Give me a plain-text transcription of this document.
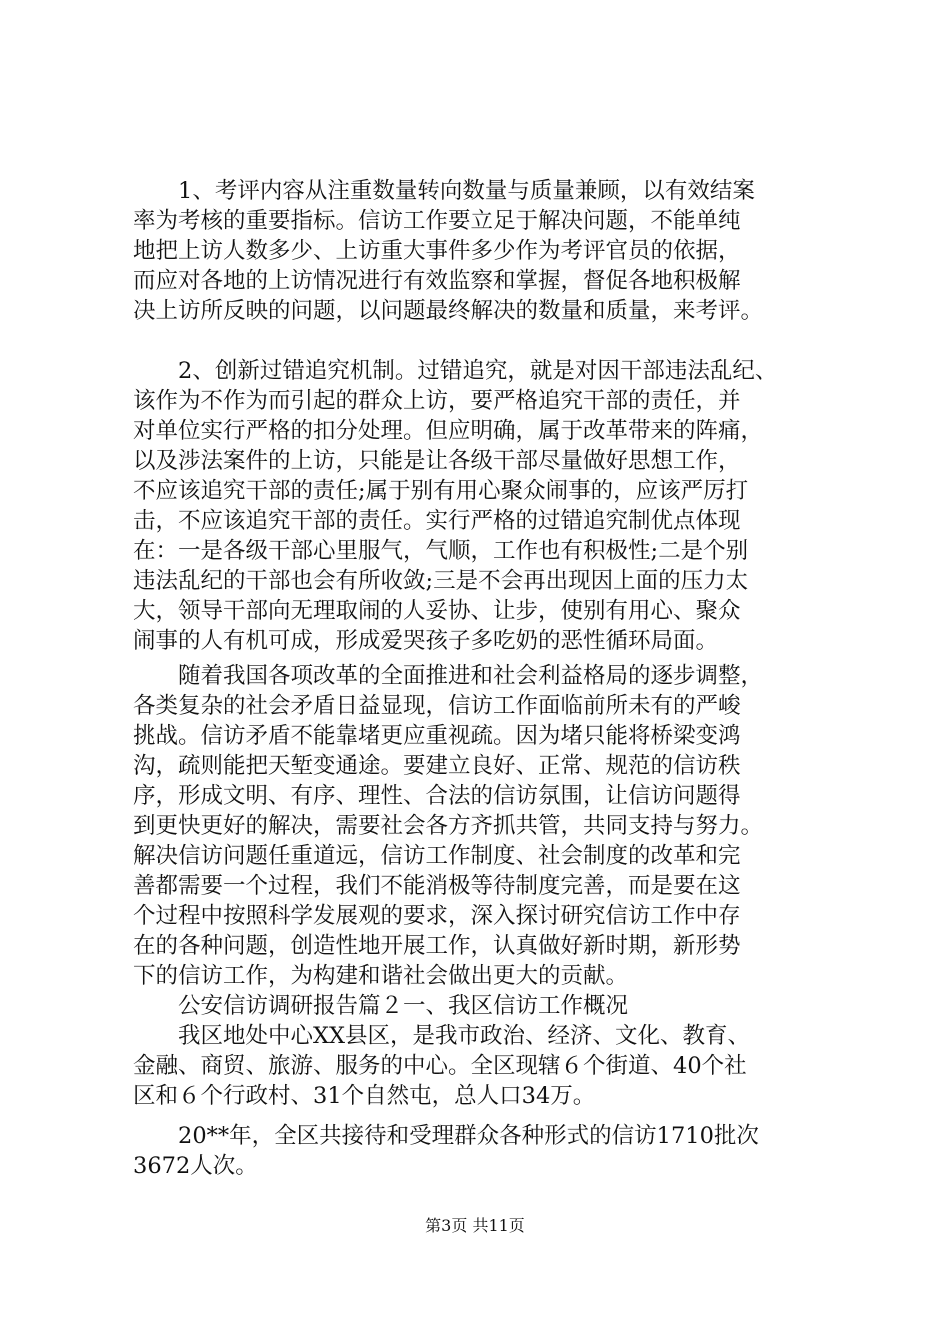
1、考评内容从注重数量转向数量与质量兼顾，以有效结案
率为考核的重要指标。信访工作要立足于解决问题，不能单纯
地把上访人数多少、上访重大事件多少作为考评官员的依据，
而应对各地的上访情况进行有效监察和掌握，督促各地积极解
决上访所反映的问题，以问题最终解决的数量和质量，来考评。
2、创新过错追究机制。过错追究，就是对因干部违法乱纪、
该作为不作为而引起的群众上访，要严格追究干部的责任，并
对单位实行严格的扣分处理。但应明确，属于改革带来的阵痛，
以及涉法案件的上访，只能是让各级干部尽量做好思想工作，
不应该追究干部的责任;属于别有用心聚众闹事的，应该严厉打
击，不应该追究干部的责任。实行严格的过错追究制优点体现
在：一是各级干部心里服气，气顺，工作也有积极性;二是个别
违法乱纪的干部也会有所收敛;三是不会再出现因上面的压力太
大，领导干部向无理取闹的人妥协、让步，使别有用心、聚众
闹事的人有机可成，形成爱哭孩子多吃奶的恶性循环局面。
随着我国各项改革的全面推进和社会利益格局的逐步调整，
各类复杂的社会矛盾日益显现，信访工作面临前所未有的严峻
挑战。信访矛盾不能靠堵更应重视疏。因为堵只能将桥梁变鸿
沟，疏则能把天堑变通途。要建立良好、正常、规范的信访秩
序，形成文明、有序、理性、合法的信访氛围，让信访问题得
到更快更好的解决，需要社会各方齐抓共管，共同支持与努力。
解决信访问题任重道远，信访工作制度、社会制度的改革和完
善都需要一个过程，我们不能消极等待制度完善，而是要在这
个过程中按照科学发展观的要求，深入探讨研究信访工作中存
在的各种问题，创造性地开展工作，认真做好新时期，新形势
下的信访工作，为构建和谐社会做出更大的贡献。
公安信访调研报告篇２一、我区信访工作概况
我区地处中心XX县区，是我市政治、经济、文化、教育、
金融、商贸、旅游、服务的中心。全区现辖６个街道、40个社
区和６个行政村、31个自然屯，总人口34万。
20**年，全区共接待和受理群众各种形式的信访1710批次
3672人次。
第3页 共11页
